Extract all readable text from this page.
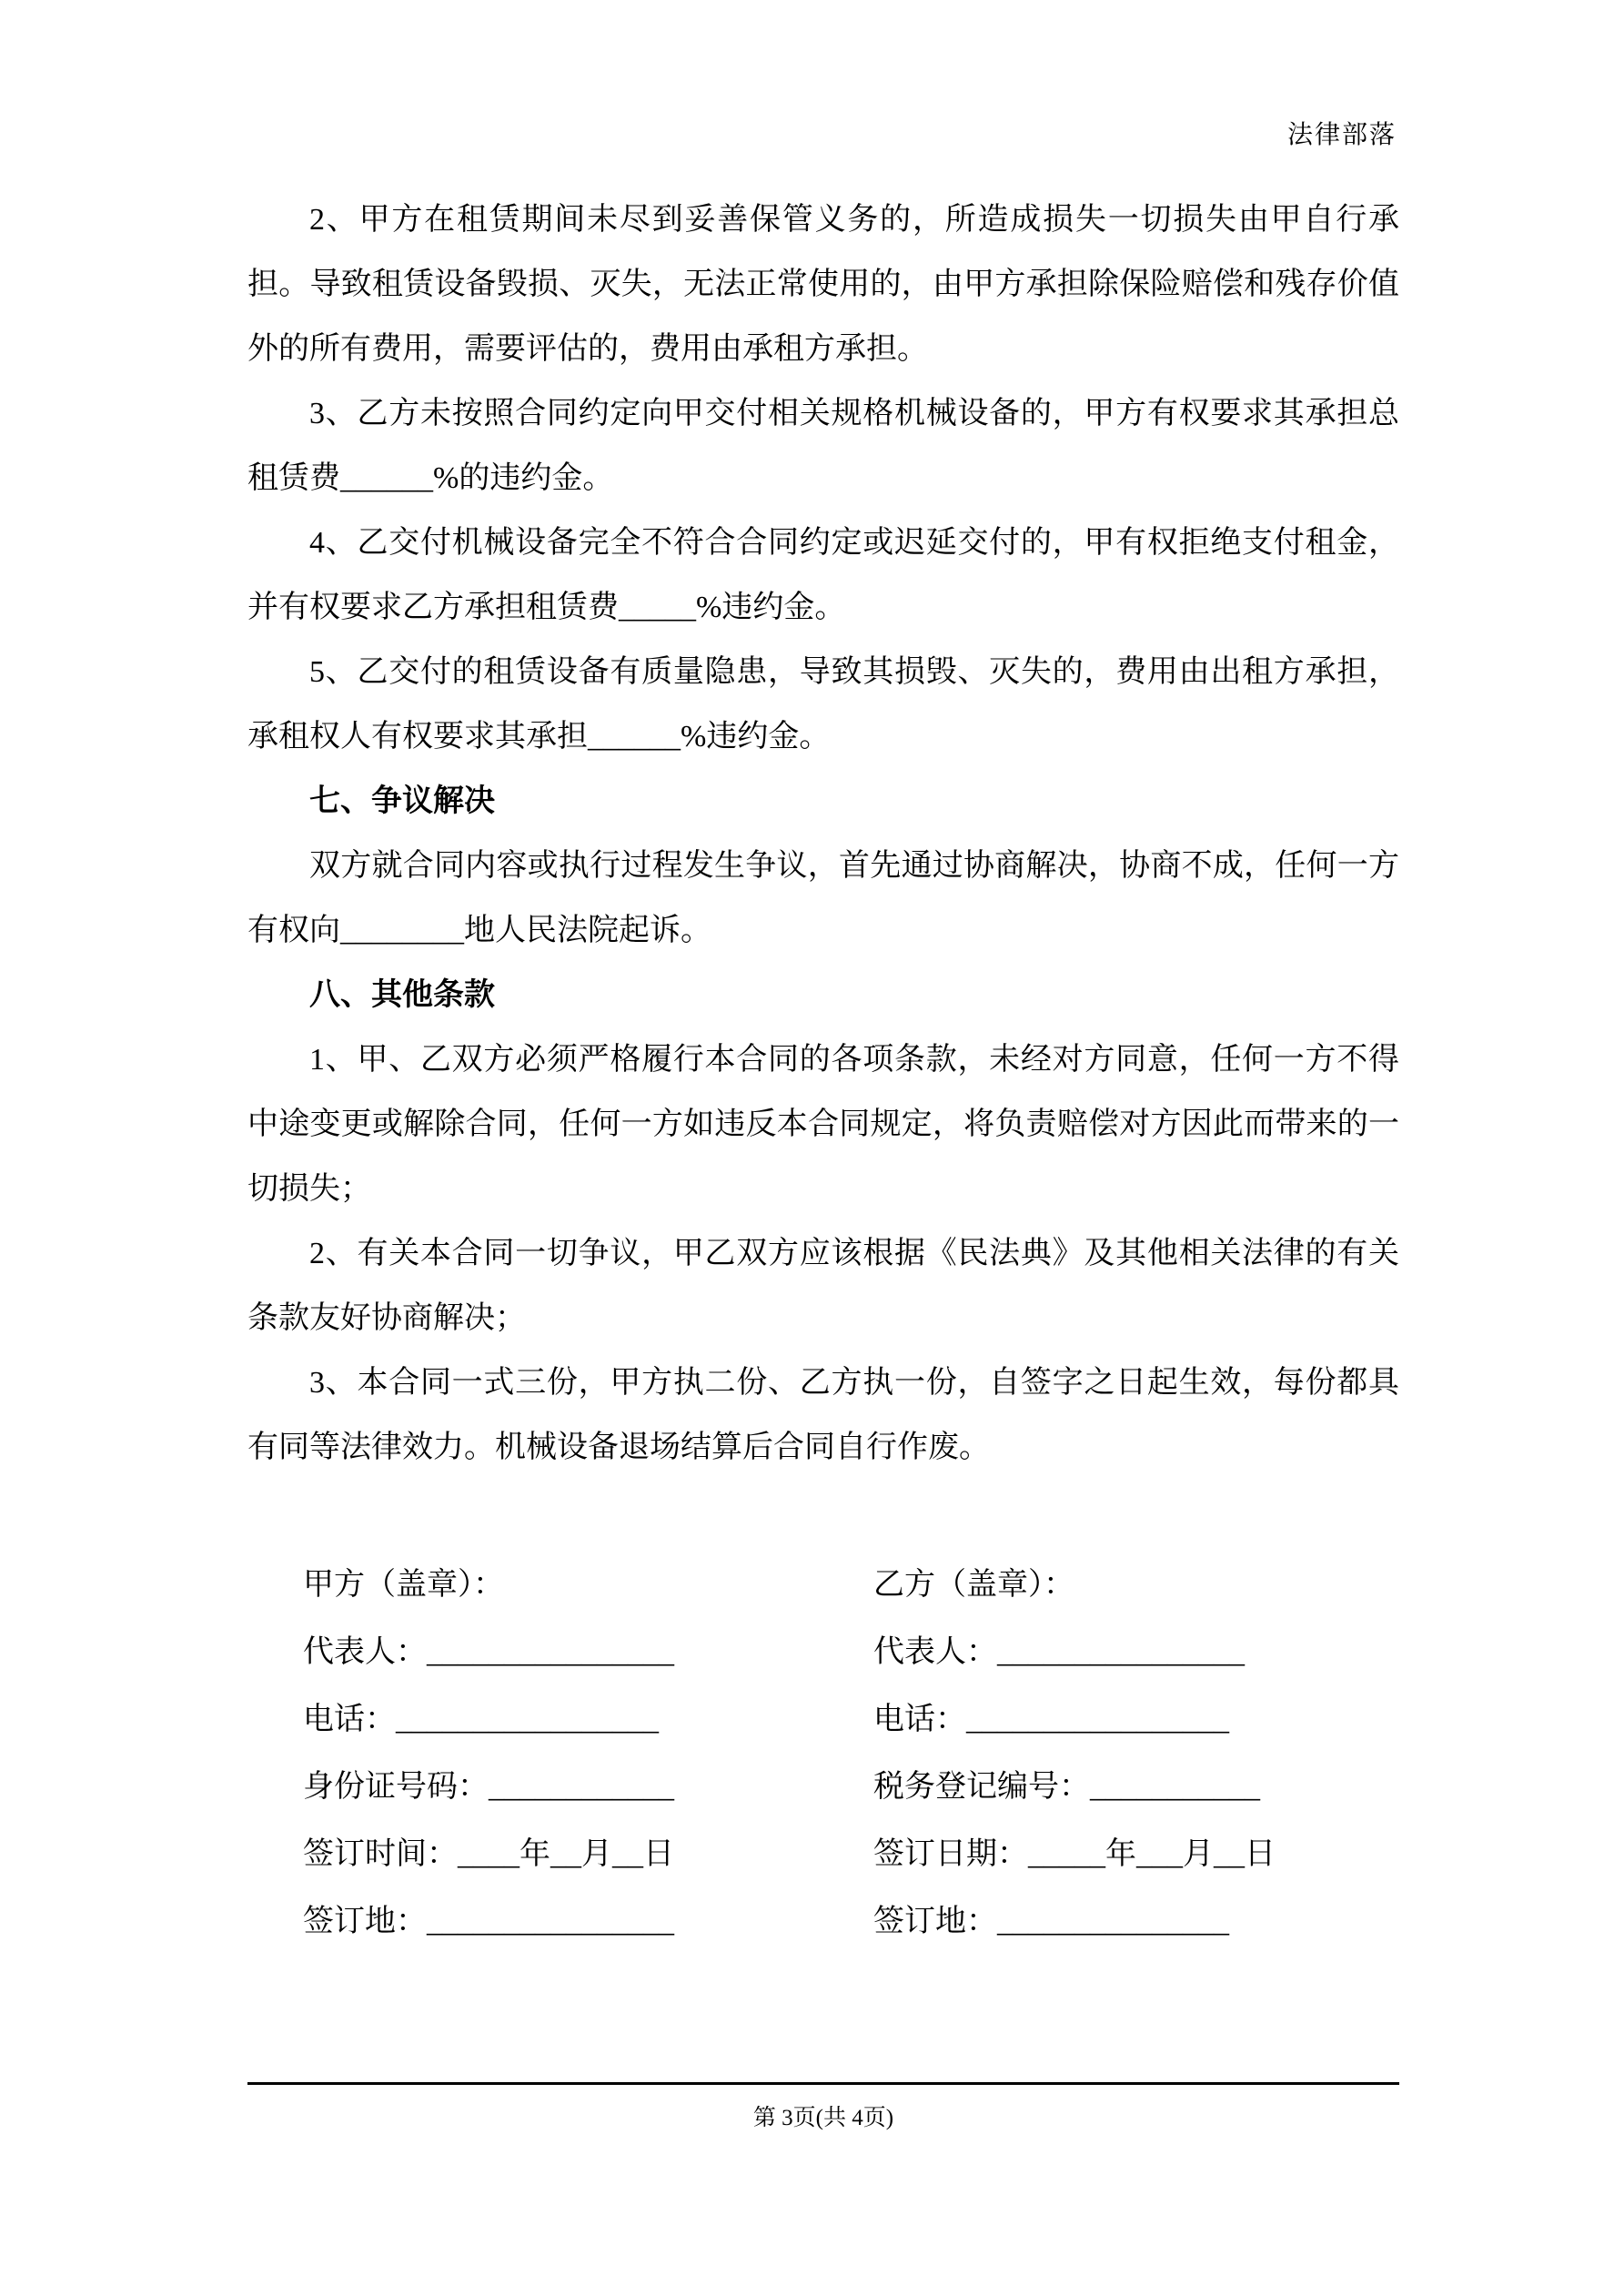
法律部落

2、甲方在租赁期间未尽到妥善保管义务的，所造成损失一切损失由甲自行承担。导致租赁设备毁损、灭失，无法正常使用的，由甲方承担除保险赔偿和残存价值外的所有费用，需要评估的，费用由承租方承担。

3、乙方未按照合同约定向甲交付相关规格机械设备的，甲方有权要求其承担总租赁费______%的违约金。

4、乙交付机械设备完全不符合合同约定或迟延交付的，甲有权拒绝支付租金，并有权要求乙方承担租赁费_____%违约金。

5、乙交付的租赁设备有质量隐患，导致其损毁、灭失的，费用由出租方承担，承租权人有权要求其承担______%违约金。

七、争议解决

双方就合同内容或执行过程发生争议，首先通过协商解决，协商不成，任何一方有权向________地人民法院起诉。

八、其他条款

1、甲、乙双方必须严格履行本合同的各项条款，未经对方同意，任何一方不得中途变更或解除合同，任何一方如违反本合同规定，将负责赔偿对方因此而带来的一切损失；

2、有关本合同一切争议，甲乙双方应该根据《民法典》及其他相关法律的有关条款友好协商解决；

3、本合同一式三份，甲方执二份、乙方执一份，自签字之日起生效，每份都具有同等法律效力。机械设备退场结算后合同自行作废。

甲方（盖章）：
代表人：________________
电话：_________________
身份证号码：____________
签订时间：____年__月__日
签订地：________________
乙方（盖章）：
代表人：________________
电话：_________________
税务登记编号：___________
签订日期：_____年___月__日
签订地：_______________
第 3页(共 4页)
